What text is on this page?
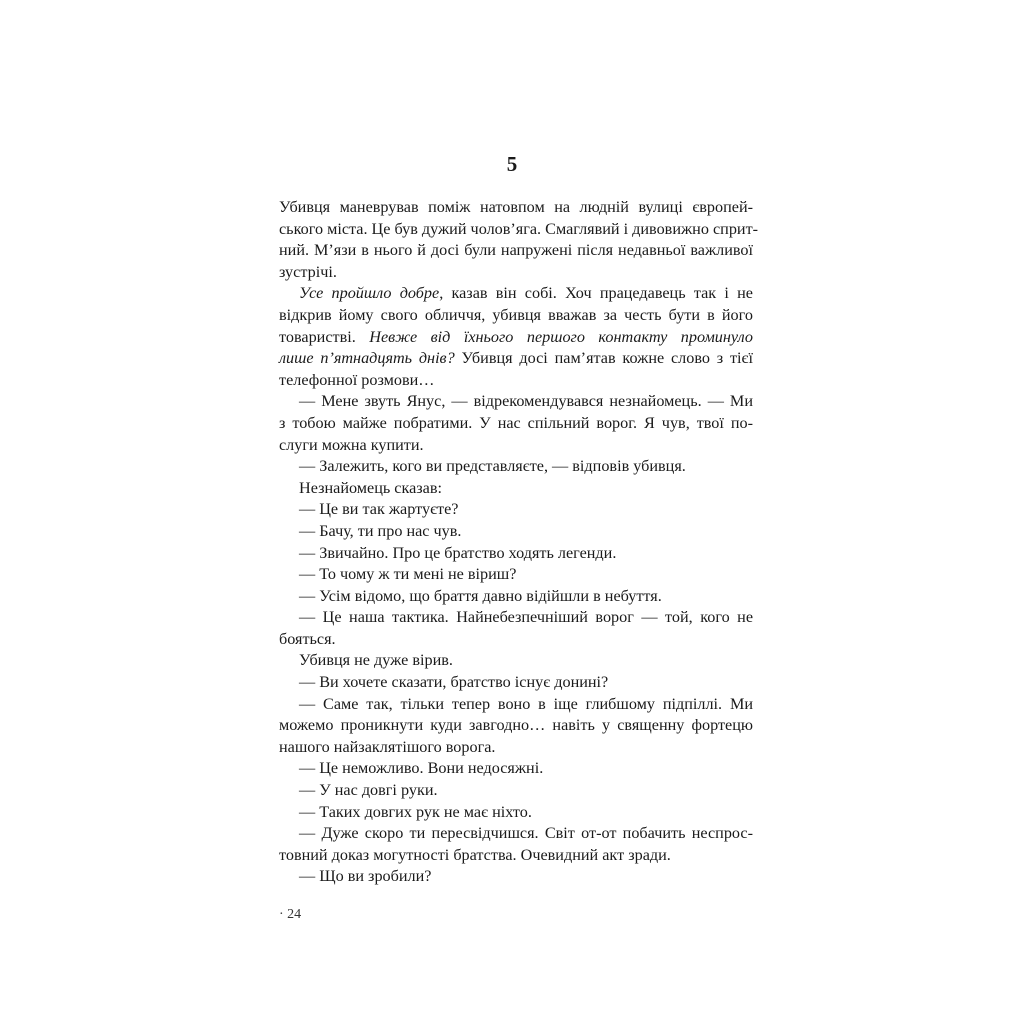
5
Убивця маневрував поміж натовпом на людній вулиці європей-
ського міста. Це був дужий чолов’яга. Смаглявий і дивовижно сприт-
ний. М’язи в нього й досі були напружені після недавньої важливої
зустрічі.
Усе пройшло добре, казав він собі. Хоч працедавець так і не
відкрив йому свого обличчя, убивця вважав за честь бути в його
товаристві. Невже від їхнього першого контакту проминуло
лише п’ятнадцять днів? Убивця досі пам’ятав кожне слово з тієї
телефонної розмови…
— Мене звуть Янус, — відрекомендувався незнайомець. — Ми
з тобою майже побратими. У нас спільний ворог. Я чув, твої по-
слуги можна купити.
— Залежить, кого ви представляєте, — відповів убивця.
Незнайомець сказав:
— Це ви так жартуєте?
— Бачу, ти про нас чув.
— Звичайно. Про це братство ходять легенди.
— То чому ж ти мені не віриш?
— Усім відомо, що браття давно відійшли в небуття.
— Це наша тактика. Найнебезпечніший ворог — той, кого не
бояться.
Убивця не дуже вірив.
— Ви хочете сказати, братство існує донині?
— Саме так, тільки тепер воно в іще глибшому підпіллі. Ми
можемо проникнути куди завгодно… навіть у священну фортецю
нашого найзаклятішого ворога.
— Це неможливо. Вони недосяжні.
— У нас довгі руки.
— Таких довгих рук не має ніхто.
— Дуже скоро ти пересвідчишся. Світ от-от побачить неспрос-
товний доказ могутності братства. Очевидний акт зради.
— Що ви зробили?
· 24
